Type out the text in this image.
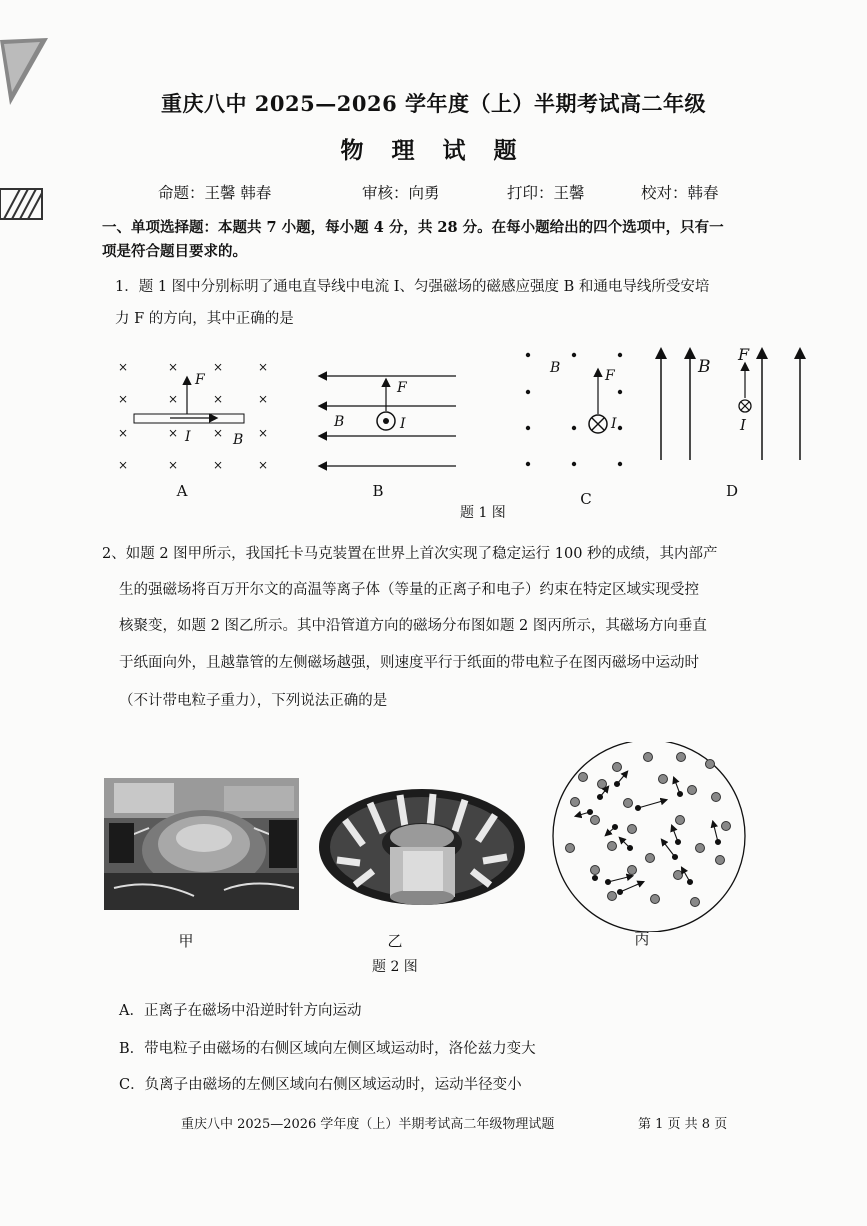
重庆八中 2025—2026 学年度（上）半期考试高二年级
物 理 试 题
命题：王馨 韩春	审核：向勇	打印：王馨	校对：韩春
一、单项选择题：本题共 7 小题，每小题 4 分，共 28 分。在每小题给出的四个选项中，只有一
项是符合题目要求的。
1．题 1 图中分别标明了通电直导线中电流 I、匀强磁场的磁感应强度 B 和通电导线所受安培
力 F 的方向，其中正确的是
×	×	×	×
×	×	×	×
×	×	×	×
×	×	×	×
F
I	B
F
B	I
F
B
I
B
F
I
A	B	C	D
题 1 图
2、如题 2 图甲所示，我国托卡马克装置在世界上首次实现了稳定运行 100 秒的成绩，其内部产
生的强磁场将百万开尔文的高温等离子体（等量的正离子和电子）约束在特定区域实现受控
核聚变，如题 2 图乙所示。其中沿管道方向的磁场分布图如题 2 图丙所示，其磁场方向垂直
于纸面向外，且越靠管的左侧磁场越强，则速度平行于纸面的带电粒子在图丙磁场中运动时
（不计带电粒子重力），下列说法正确的是
甲	乙	丙
题 2 图
A．正离子在磁场中沿逆时针方向运动
B．带电粒子由磁场的右侧区域向左侧区域运动时，洛伦兹力变大
C．负离子由磁场的左侧区域向右侧区域运动时，运动半径变小
重庆八中 2025—2026 学年度（上）半期考试高二年级物理试题	第 1 页 共 8 页
